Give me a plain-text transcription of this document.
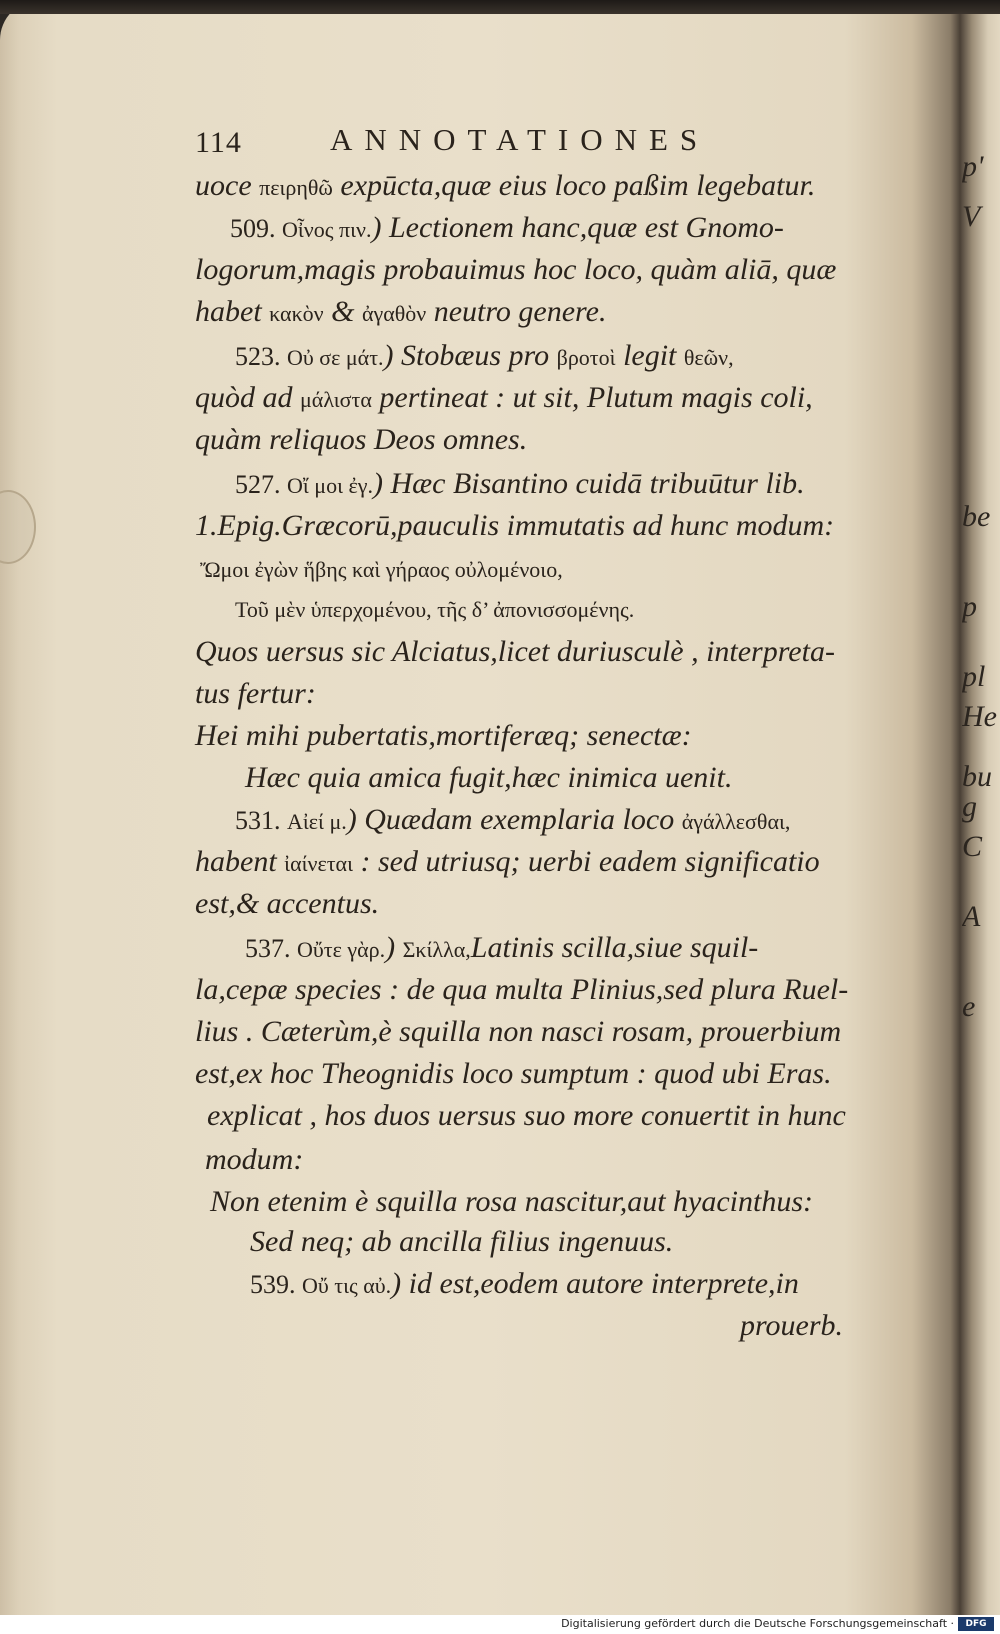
p'
V
be
p
pl
He
bu
g
C
A
e
114	ANNOTATIONES
uoce πειρηθῶ expūcta,quæ eius loco paßim legebatur.
509. Οἶνος πιν.) Lectionem hanc,quæ est Gnomo-
logorum,magis probauimus hoc loco, quàm aliā, quæ
habet κακὸν & ἀγαθὸν neutro genere.
523. Οὐ σε μάτ.) Stobæus pro βροτοὶ legit θεῶν,
quòd ad μάλιστα pertineat : ut sit, Plutum magis coli,
quàm reliquos Deos omnes.
527. Οἴ μοι ἐγ.) Hæc Bisantino cuidā tribuūtur lib.
1.Epig.Græcorū,pauculis immutatis ad hunc modum:
Ὤμοι ἐγὼν ἥβης καὶ γήραος οὐλομένοιο,
Τοῦ μὲν ὑπερχομένου, τῆς δ’ ἀπονισσομένης.
Quos uersus sic Alciatus,licet duriusculè , interpreta-
tus fertur:
Hei mihi pubertatis,mortiferæq; senectæ:
Hæc quia amica fugit,hæc inimica uenit.
531. Αἰεί μ.) Quædam exemplaria loco ἀγάλλεσθαι,
habent ἰαίνεται : sed utriusq; uerbi eadem significatio
est,& accentus.
537. Οὔτε γὰρ.) Σκίλλα,Latinis scilla,siue squil-
la,cepæ species : de qua multa Plinius,sed plura Ruel-
lius . Cæterùm,è squilla non nasci rosam, prouerbium
est,ex hoc Theognidis loco sumptum : quod ubi Eras.
explicat , hos duos uersus suo more conuertit in hunc
modum:
Non etenim è squilla rosa nascitur,aut hyacinthus:
Sed neq; ab ancilla filius ingenuus.
539. Οὔ τις αὐ.) id est,eodem autore interprete,in
prouerb.
Digitalisierung gefördert durch die Deutsche Forschungsgemeinschaft ·	DFG
